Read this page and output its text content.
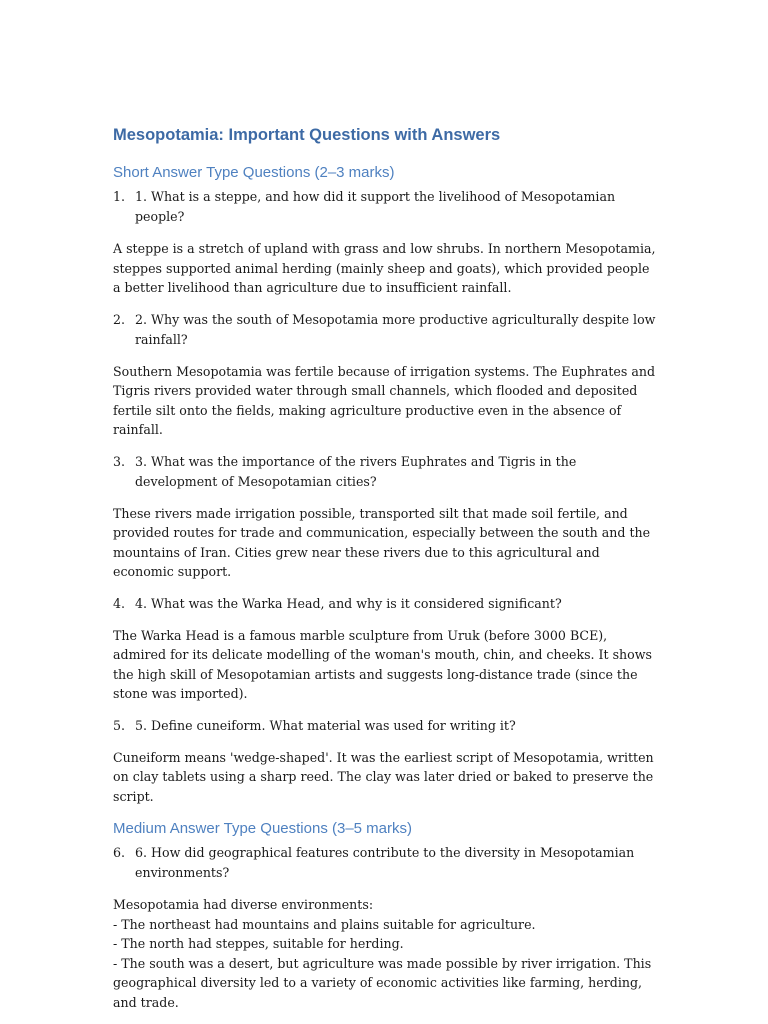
Mesopotamia: Important Questions with Answers
Short Answer Type Questions (2–3 marks)
1. 1. What is a steppe, and how did it support the livelihood of Mesopotamian people?

A steppe is a stretch of upland with grass and low shrubs. In northern Mesopotamia, steppes supported animal herding (mainly sheep and goats), which provided people a better livelihood than agriculture due to insufficient rainfall.

2. 2. Why was the south of Mesopotamia more productive agriculturally despite low rainfall?

Southern Mesopotamia was fertile because of irrigation systems. The Euphrates and Tigris rivers provided water through small channels, which flooded and deposited fertile silt onto the fields, making agriculture productive even in the absence of rainfall.

3. 3. What was the importance of the rivers Euphrates and Tigris in the development of Mesopotamian cities?

These rivers made irrigation possible, transported silt that made soil fertile, and provided routes for trade and communication, especially between the south and the mountains of Iran. Cities grew near these rivers due to this agricultural and economic support.

4. 4. What was the Warka Head, and why is it considered significant?

The Warka Head is a famous marble sculpture from Uruk (before 3000 BCE), admired for its delicate modelling of the woman's mouth, chin, and cheeks. It shows the high skill of Mesopotamian artists and suggests long-distance trade (since the stone was imported).

5. 5. Define cuneiform. What material was used for writing it?

Cuneiform means 'wedge-shaped'. It was the earliest script of Mesopotamia, written on clay tablets using a sharp reed. The clay was later dried or baked to preserve the script.

Medium Answer Type Questions (3–5 marks)
6. 6. How did geographical features contribute to the diversity in Mesopotamian environments?

Mesopotamia had diverse environments:
- The northeast had mountains and plains suitable for agriculture.
- The north had steppes, suitable for herding.
- The south was a desert, but agriculture was made possible by river irrigation. This geographical diversity led to a variety of economic activities like farming, herding, and trade.
